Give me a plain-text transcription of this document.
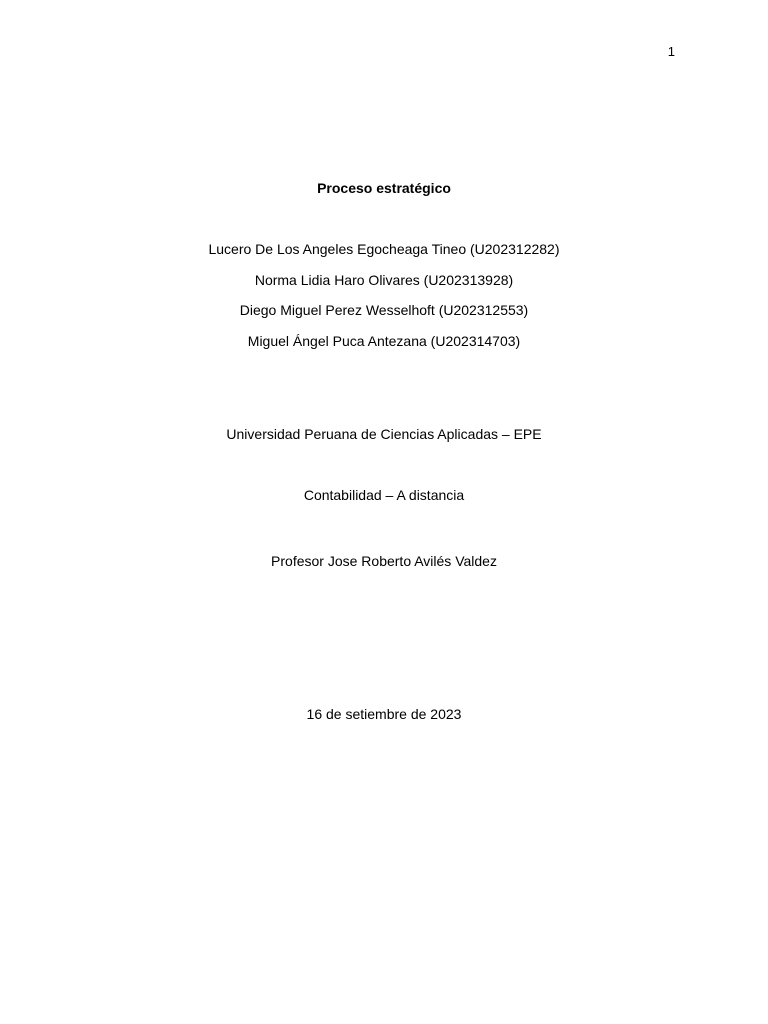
1
Proceso estratégico
Lucero De Los Angeles Egocheaga Tineo (U202312282)
Norma Lidia Haro Olivares (U202313928)
Diego Miguel Perez Wesselhoft (U202312553)
Miguel Ángel Puca Antezana (U202314703)
Universidad Peruana de Ciencias Aplicadas – EPE
Contabilidad – A distancia
Profesor Jose Roberto Avilés Valdez
16 de setiembre de 2023
